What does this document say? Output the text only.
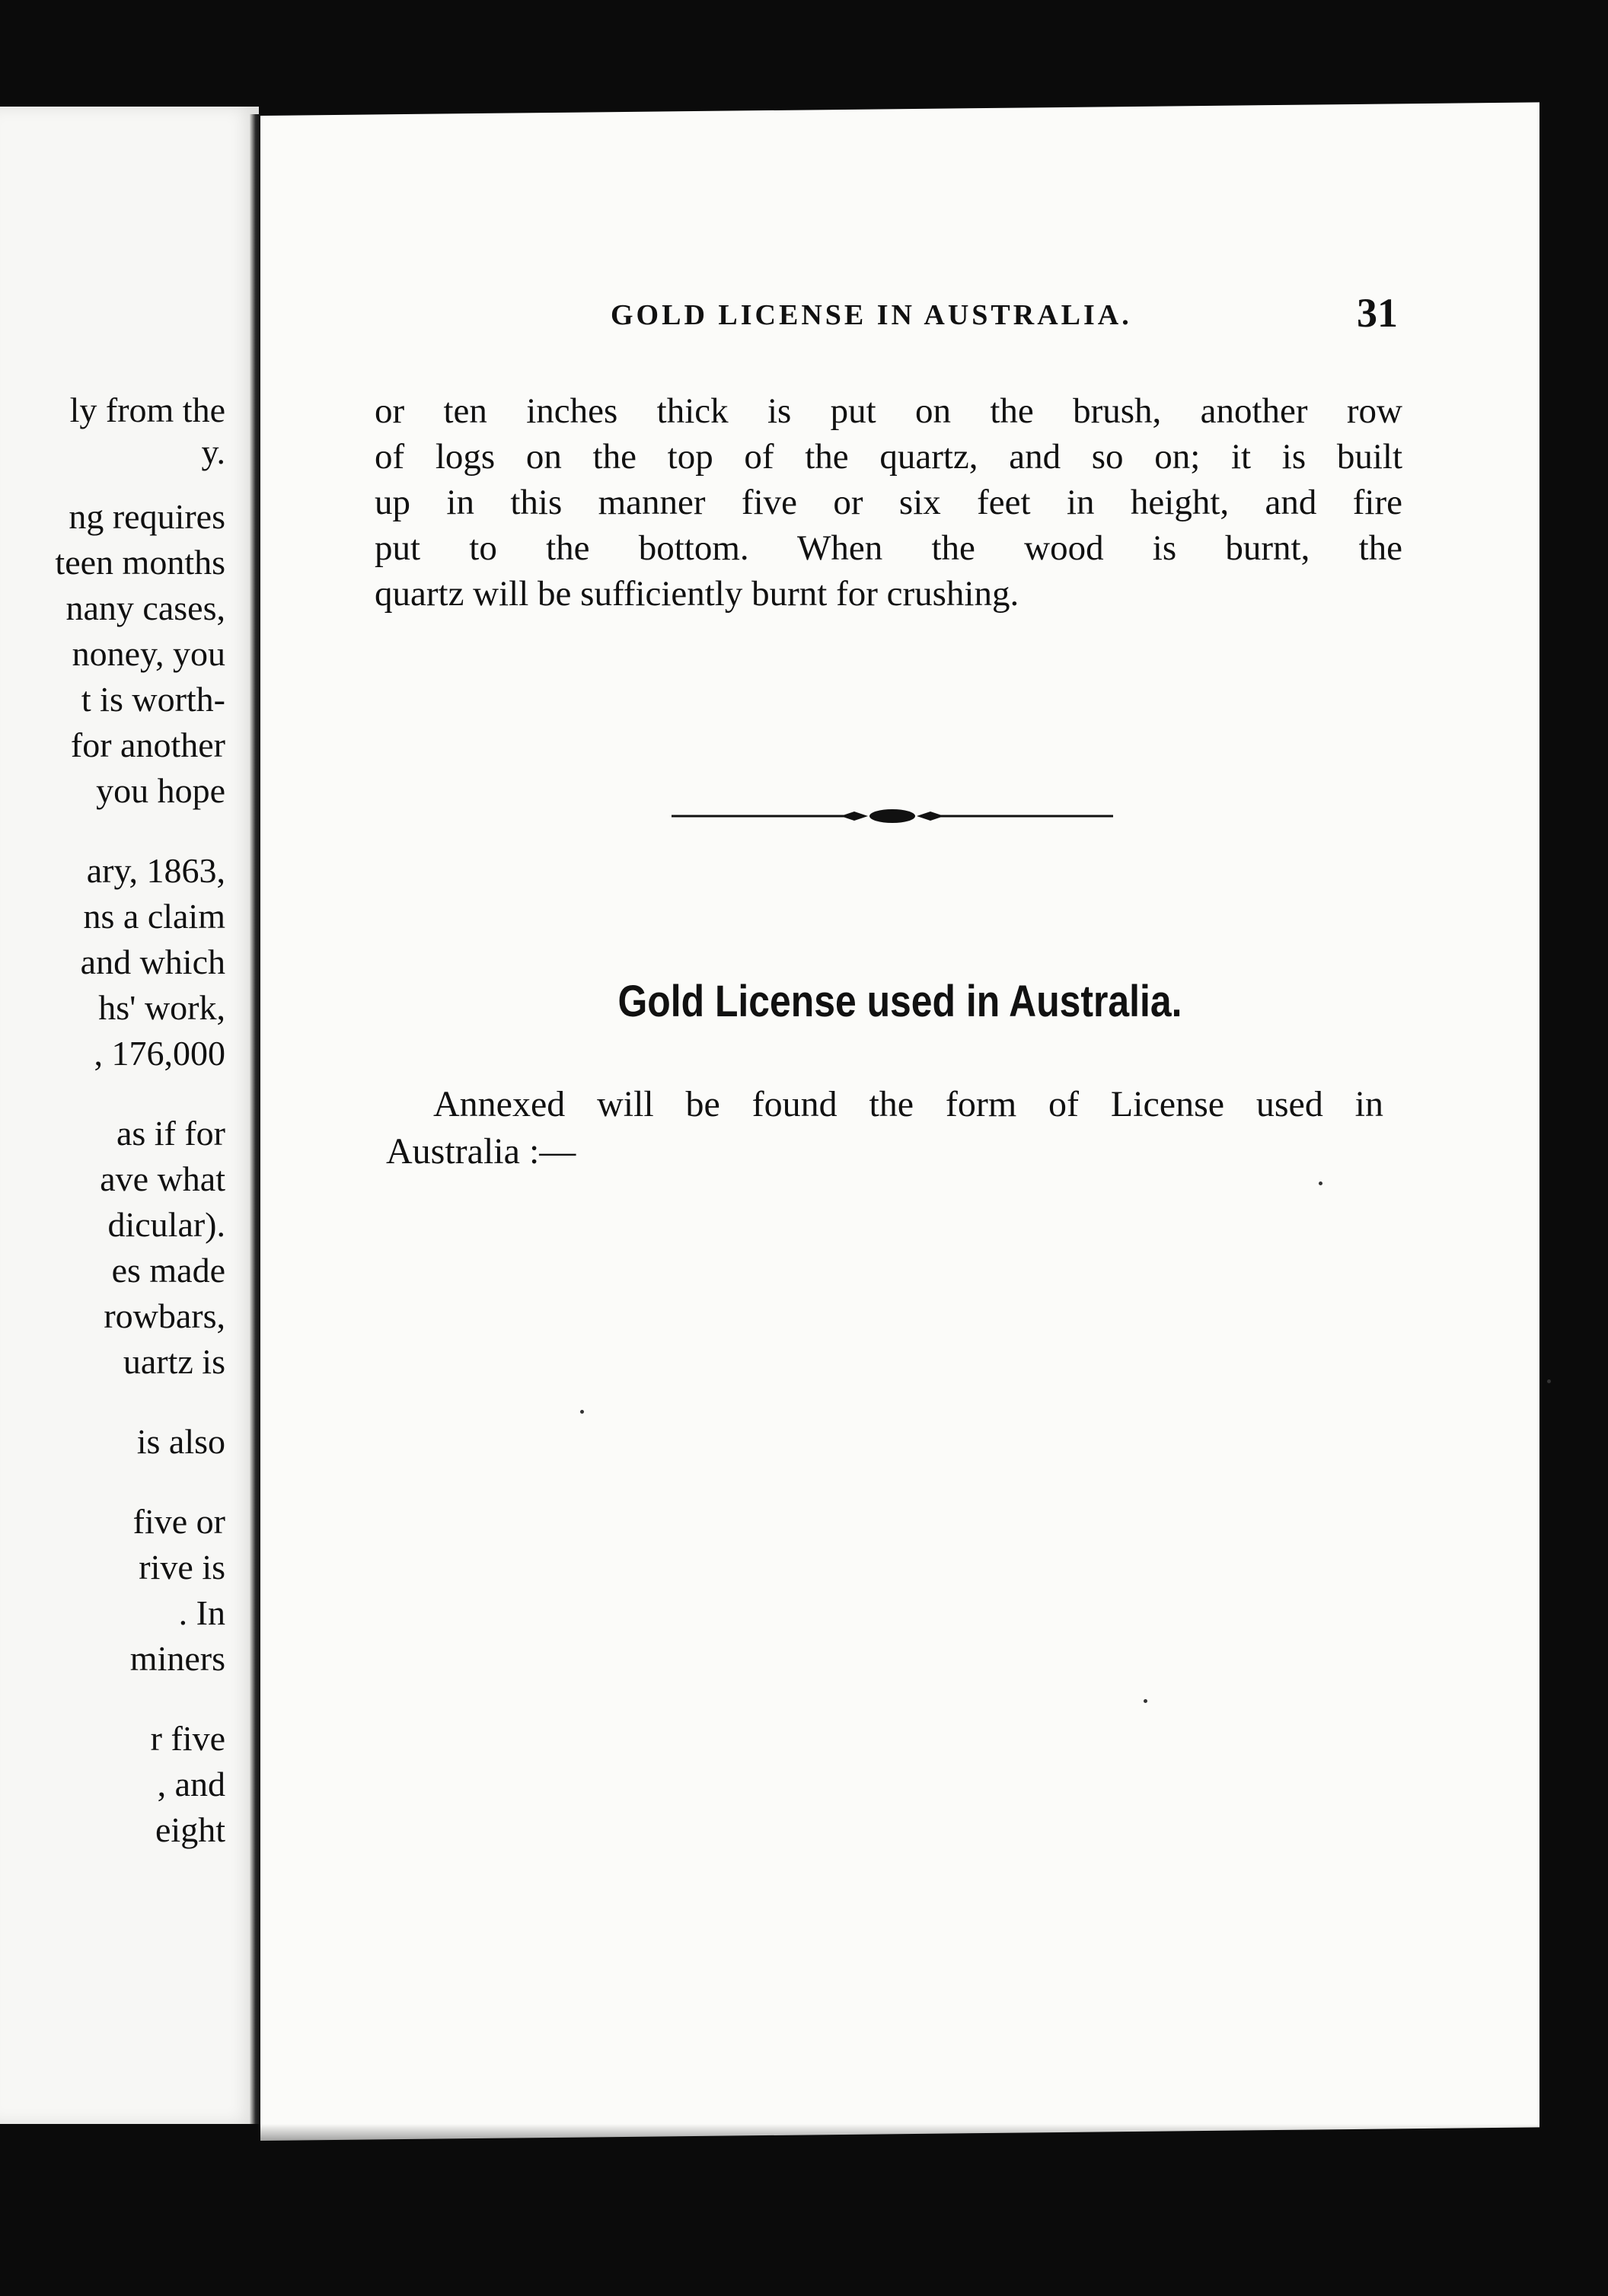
ly from the
y.
ng requires
teen months
nany cases,
noney, you
t is worth-
for another
you hope
ary, 1863,
ns a claim
and which
hs' work,
, 176,000
as if for
ave what
dicular).
es made
rowbars,
uartz is
is also
five or
rive is
. In
miners
r five
, and
eight
GOLD LICENSE IN AUSTRALIA.	31
or ten inches thick is put on the brush, another row
of logs on the top of the quartz, and so on; it is built
up in this manner five or six feet in height, and fire
put to the bottom. When the wood is burnt, the
quartz will be sufficiently burnt for crushing.
Gold License used in Australia.
Annexed will be found the form of License used in
Australia :—
